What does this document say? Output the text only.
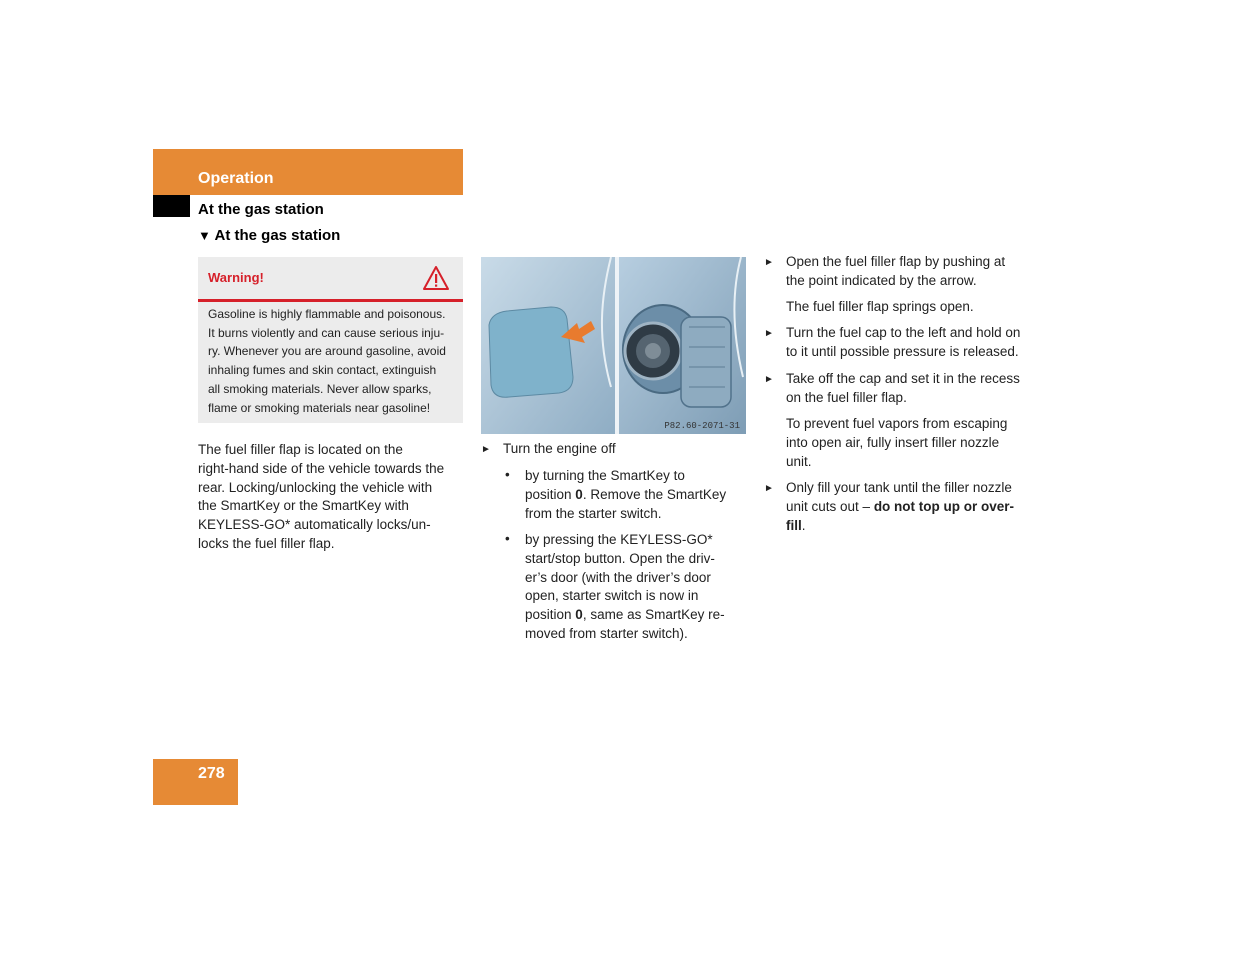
Operation
At the gas station
▼ At the gas station
Warning!
Gasoline is highly flammable and poisonous.
It burns violently and can cause serious inju-
ry. Whenever you are around gasoline, avoid
inhaling fumes and skin contact, extinguish
all smoking materials. Never allow sparks,
flame or smoking materials near gasoline!
The fuel filler flap is located on the
right-hand side of the vehicle towards the
rear. Locking/unlocking the vehicle with
the SmartKey or the SmartKey with
KEYLESS-GO* automatically locks/un-
locks the fuel filler flap.
P82.60-2071-31
► Turn the engine off
• by turning the SmartKey to
position 0. Remove the SmartKey
from the starter switch.
• by pressing the KEYLESS-GO*
start/stop button. Open the driv-
er’s door (with the driver’s door
open, starter switch is now in
position 0, same as SmartKey re-
moved from starter switch).
► Open the fuel filler flap by pushing at
the point indicated by the arrow.
The fuel filler flap springs open.
► Turn the fuel cap to the left and hold on
to it until possible pressure is released.
► Take off the cap and set it in the recess
on the fuel filler flap.
To prevent fuel vapors from escaping
into open air, fully insert filler nozzle
unit.
► Only fill your tank until the filler nozzle
unit cuts out – do not top up or over-
fill.
278
